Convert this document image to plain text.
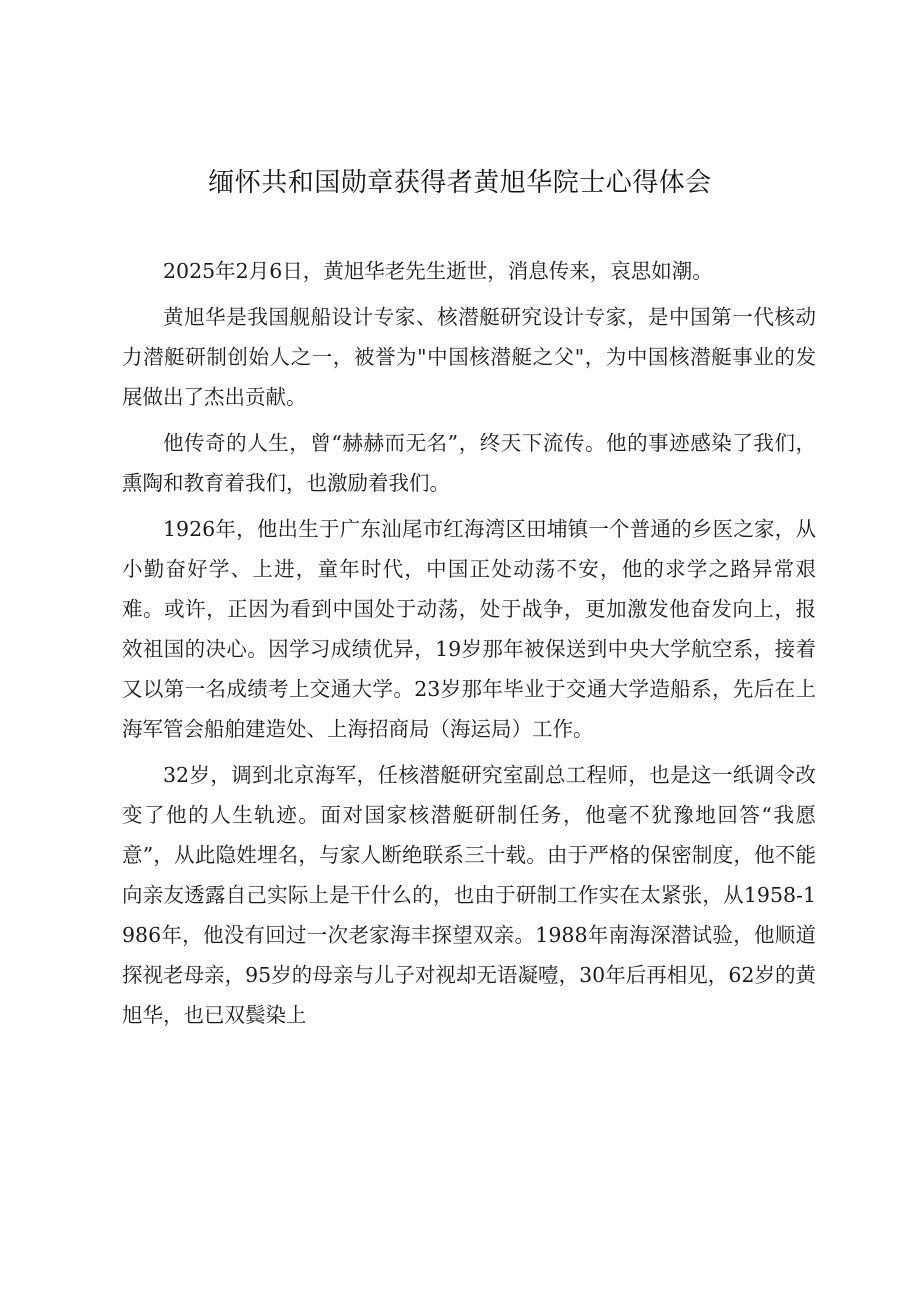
缅怀共和国勋章获得者黄旭华院士心得体会

2025年2月6日，黄旭华老先生逝世，消息传来，哀思如潮。

黄旭华是我国舰船设计专家、核潜艇研究设计专家，是中国第一代核动力潜艇研制创始人之一，被誉为"中国核潜艇之父"，为中国核潜艇事业的发展做出了杰出贡献。

他传奇的人生，曾“赫赫而无名”，终天下流传。他的事迹感染了我们，熏陶和教育着我们，也激励着我们。

1926年，他出生于广东汕尾市红海湾区田埔镇一个普通的乡医之家，从小勤奋好学、上进，童年时代，中国正处动荡不安，他的求学之路异常艰难。或许，正因为看到中国处于动荡，处于战争，更加激发他奋发向上，报效祖国的决心。因学习成绩优异，19岁那年被保送到中央大学航空系，接着又以第一名成绩考上交通大学。23岁那年毕业于交通大学造船系，先后在上海军管会船舶建造处、上海招商局（海运局）工作。

32岁，调到北京海军，任核潜艇研究室副总工程师，也是这一纸调令改变了他的人生轨迹。面对国家核潜艇研制任务，他毫不犹豫地回答“我愿意”，从此隐姓埋名，与家人断绝联系三十载。由于严格的保密制度，他不能向亲友透露自己实际上是干什么的，也由于研制工作实在太紧张，从1958-1986年，他没有回过一次老家海丰探望双亲。1988年南海深潜试验，他顺道探视老母亲，95岁的母亲与儿子对视却无语凝噎，30年后再相见，62岁的黄旭华，也已双鬓染上
